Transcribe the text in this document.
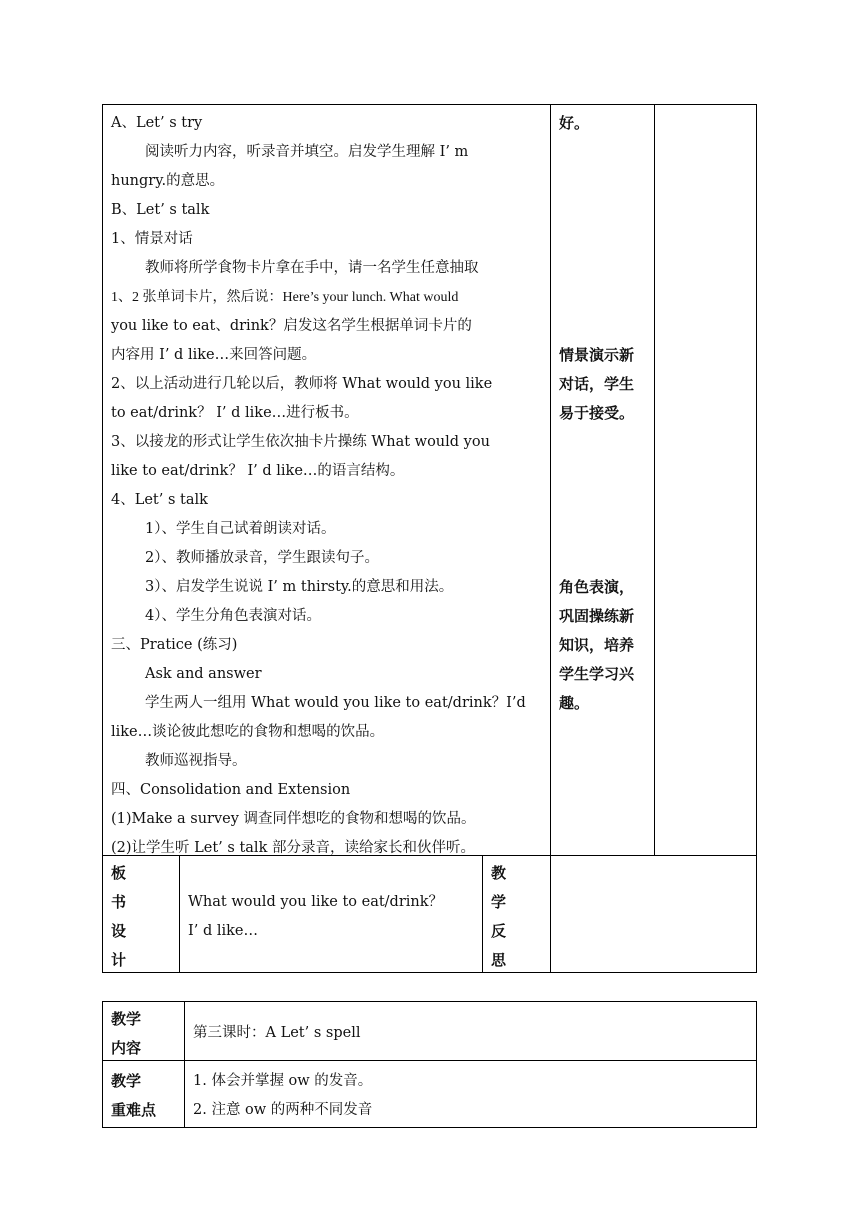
A、Let’ s try
阅读听力内容，听录音并填空。启发学生理解 I’ m
hungry.的意思。
B、Let’ s talk
1、情景对话
教师将所学食物卡片拿在手中，请一名学生任意抽取
1、2 张单词卡片，然后说：Here’s your lunch. What would
you like to eat、drink？启发这名学生根据单词卡片的
内容用 I’ d like…来回答问题。
2、以上活动进行几轮以后，教师将 What would you like
to eat/drink？ I’ d like…进行板书。
3、以接龙的形式让学生依次抽卡片操练 What would you
like to eat/drink？ I’ d like…的语言结构。
4、Let’ s talk
1）、学生自己试着朗读对话。
2）、教师播放录音，学生跟读句子。
3）、启发学生说说 I’ m thirsty.的意思和用法。
4）、学生分角色表演对话。
三、Pratice (练习)
Ask and answer
学生两人一组用 What would you like to eat/drink？I’d
like…谈论彼此想吃的食物和想喝的饮品。
教师巡视指导。
四、Consolidation and Extension
(1)Make a survey 调查同伴想吃的食物和想喝的饮品。
(2)让学生听 Let’ s talk 部分录音，读给家长和伙伴听。
好。
情景演示新
对话，学生
易于接受。
角色表演，
巩固操练新
知识，培养
学生学习兴
趣。
板
书
设
计
What would you like to eat/drink？
I’ d like…
教
学
反
思
教学
内容
第三课时：A Let’ s spell
教学
重难点
1. 体会并掌握 ow 的发音。
2. 注意 ow 的两种不同发音
